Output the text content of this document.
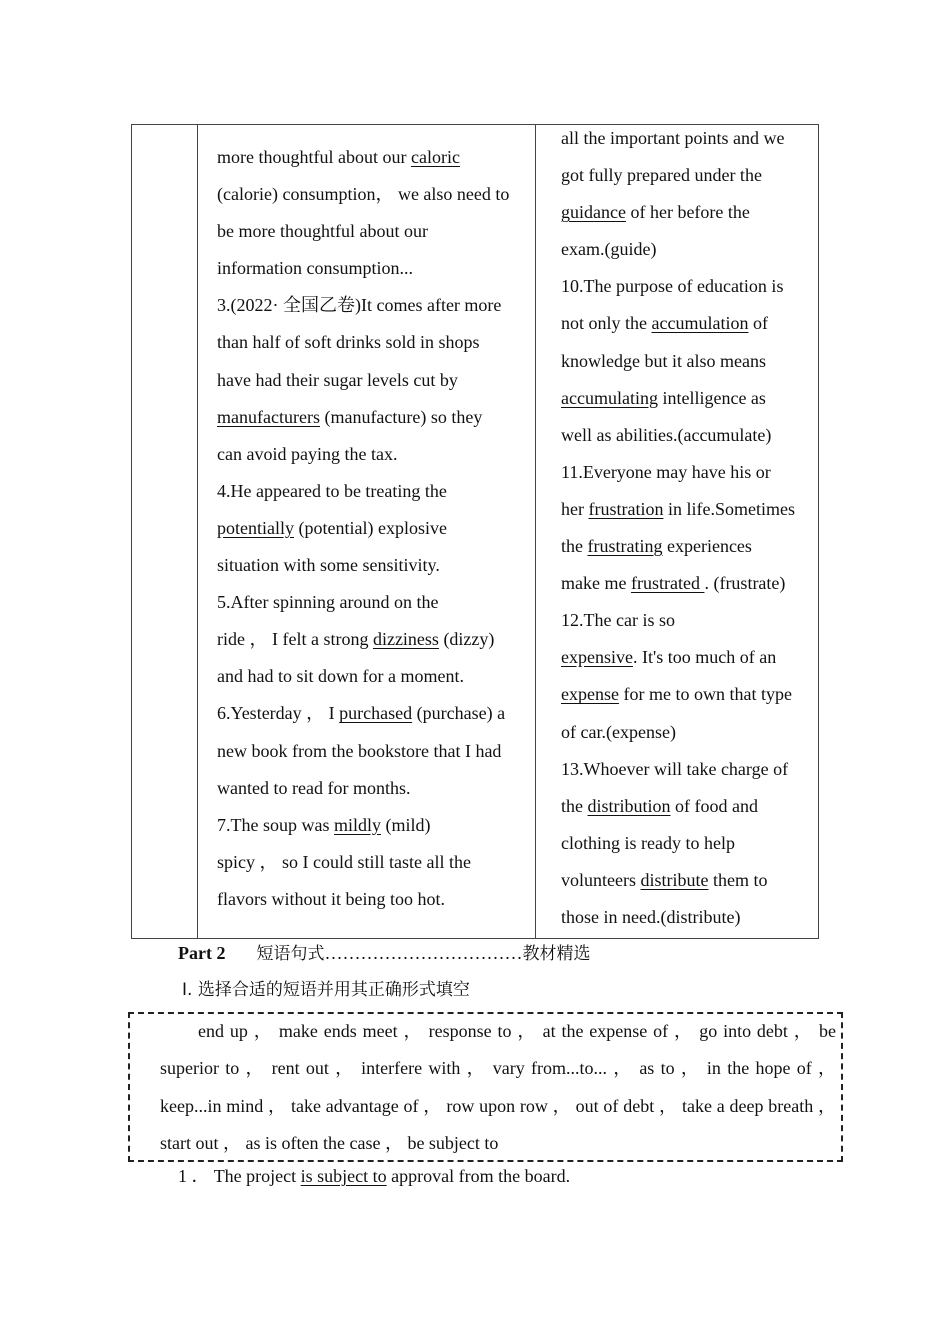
more thoughtful about our caloric

(calorie) consumption， we also need to

be more thoughtful about our

information consumption...

3.(2022· 全国乙卷)It comes after more

than half of soft drinks sold in shops

have had their sugar levels cut by

manufacturers (manufacture) so they

can avoid paying the tax.

4.He appeared to be treating the

potentially (potential) explosive

situation with some sensitivity.

5.After spinning around on the

ride ， I felt a strong dizziness (dizzy)

and had to sit down for a moment.

6.Yesterday ， I purchased (purchase) a

new book from the bookstore that I had

wanted to read for months.

7.The soup was mildly (mild)

spicy ， so I could still taste all the

flavors without it being too hot.

all the important points and we

got fully prepared under the

guidance of her before the

exam.(guide)

10.The purpose of education is

not only the accumulation of

knowledge but it also means

accumulating intelligence as

well as abilities.(accumulate)

11.Everyone may have his or

her frustration in life.Sometimes

the frustrating experiences

make me frustrated . (frustrate)

12.The car is so

expensive. It's too much of an

expense for me to own that type

of car.(expense)

13.Whoever will take charge of

the distribution of food and

clothing is ready to help

volunteers distribute them to

those in need.(distribute)

Part 2 短语句式……………………………教材精选
Ⅰ. 选择合适的短语并用其正确形式填空
end up ， make ends meet ， response to ， at the expense of ， go into debt ， be superior to ， rent out ， interfere with ， vary from...to... ， as to ， in the hope of ， keep...in mind ， take advantage of ， row upon row ， out of debt ， take a deep breath ， start out ， as is often the case ， be subject to
1 ． The project is subject to approval from the board.
